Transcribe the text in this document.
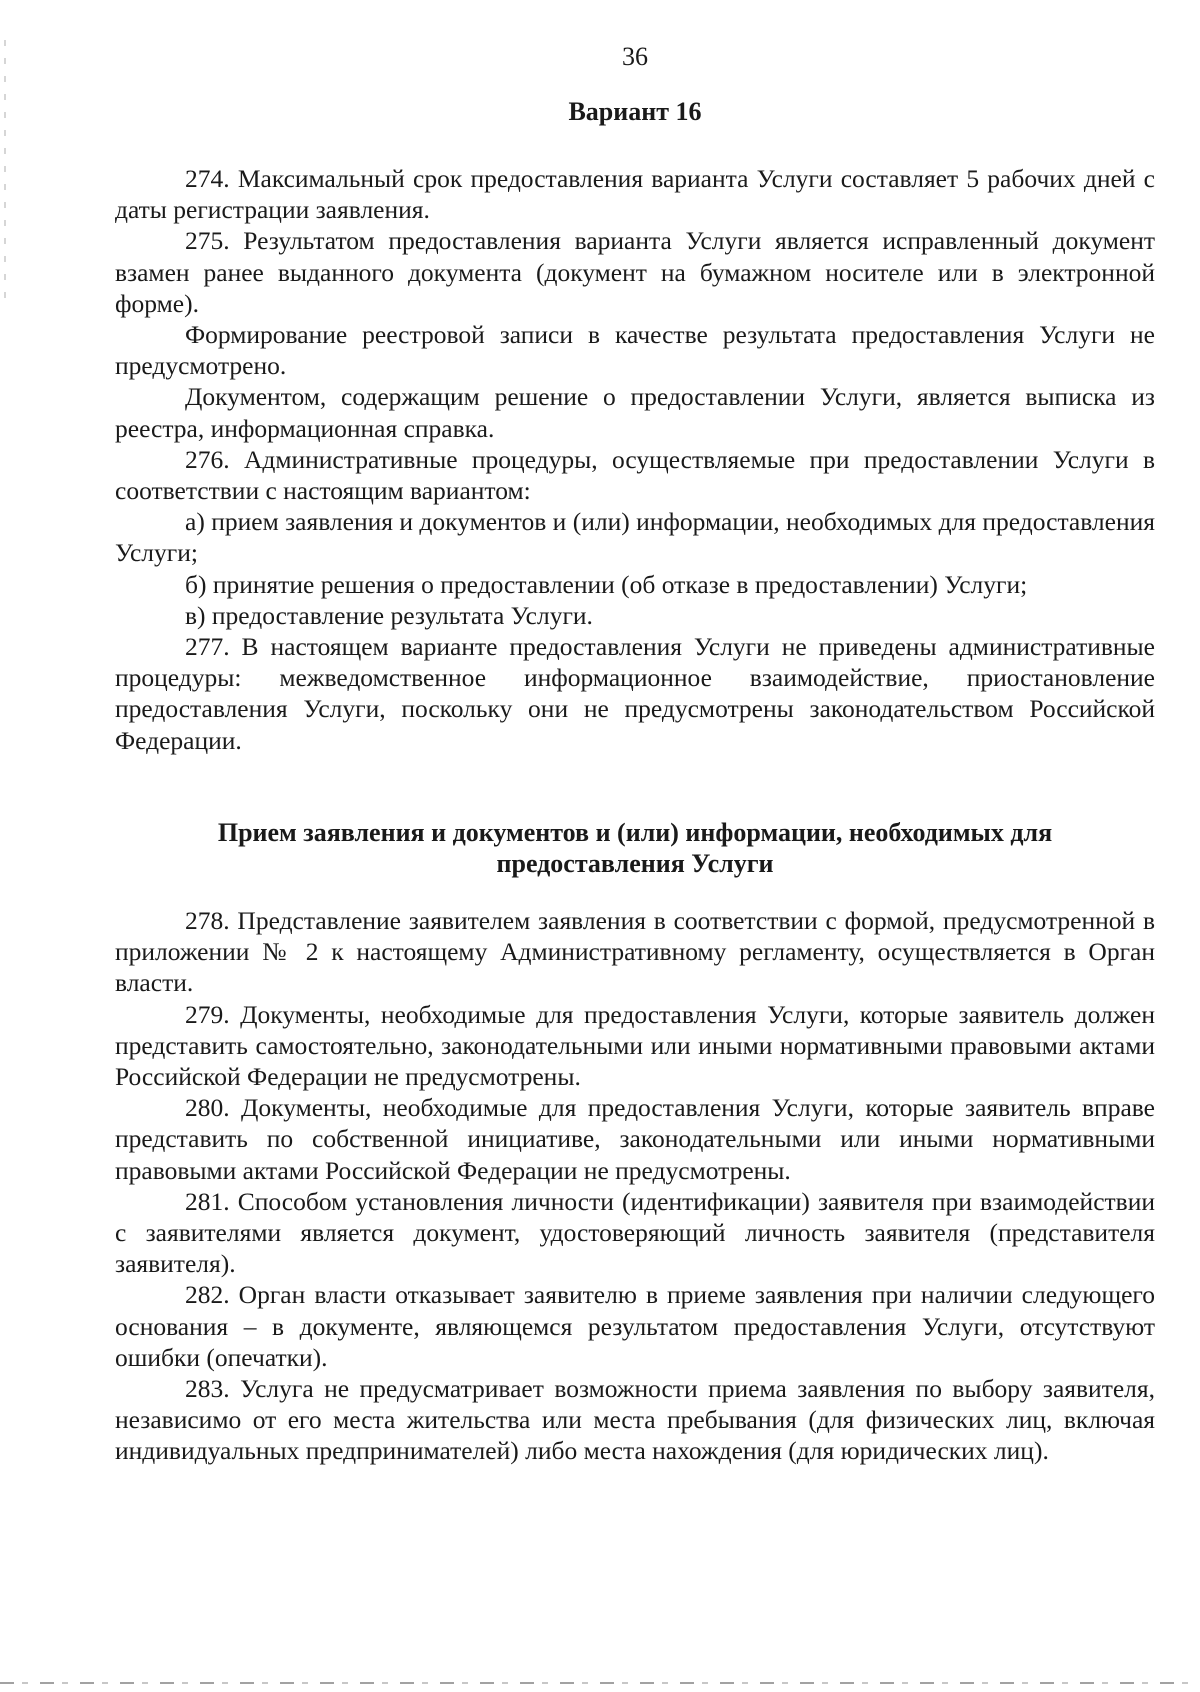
36
Вариант 16

274. Максимальный срок предоставления варианта Услуги составляет 5 рабочих дней с даты регистрации заявления.

275. Результатом предоставления варианта Услуги является исправленный документ взамен ранее выданного документа (документ на бумажном носителе или в электронной форме).

Формирование реестровой записи в качестве результата предоставления Услуги не предусмотрено.

Документом, содержащим решение о предоставлении Услуги, является выписка из реестра, информационная справка.

276. Административные процедуры, осуществляемые при предоставлении Услуги в соответствии с настоящим вариантом:

а) прием заявления и документов и (или) информации, необходимых для предоставления Услуги;

б) принятие решения о предоставлении (об отказе в предоставлении) Услуги;

в) предоставление результата Услуги.

277. В настоящем варианте предоставления Услуги не приведены административные процедуры: межведомственное информационное взаимодействие, приостановление предоставления Услуги, поскольку они не предусмотрены законодательством Российской Федерации.

Прием заявления и документов и (или) информации, необходимых для
предоставления Услуги

278. Представление заявителем заявления в соответствии с формой, предусмотренной в приложении № 2 к настоящему Административному регламенту, осуществляется в Орган власти.

279. Документы, необходимые для предоставления Услуги, которые заявитель должен представить самостоятельно, законодательными или иными нормативными правовыми актами Российской Федерации не предусмотрены.

280. Документы, необходимые для предоставления Услуги, которые заявитель вправе представить по собственной инициативе, законодательными или иными нормативными правовыми актами Российской Федерации не предусмотрены.

281. Способом установления личности (идентификации) заявителя при взаимодействии с заявителями является документ, удостоверяющий личность заявителя (представителя заявителя).

282. Орган власти отказывает заявителю в приеме заявления при наличии следующего основания – в документе, являющемся результатом предоставления Услуги, отсутствуют ошибки (опечатки).

283. Услуга не предусматривает возможности приема заявления по выбору заявителя, независимо от его места жительства или места пребывания (для физических лиц, включая индивидуальных предпринимателей) либо места нахождения (для юридических лиц).
